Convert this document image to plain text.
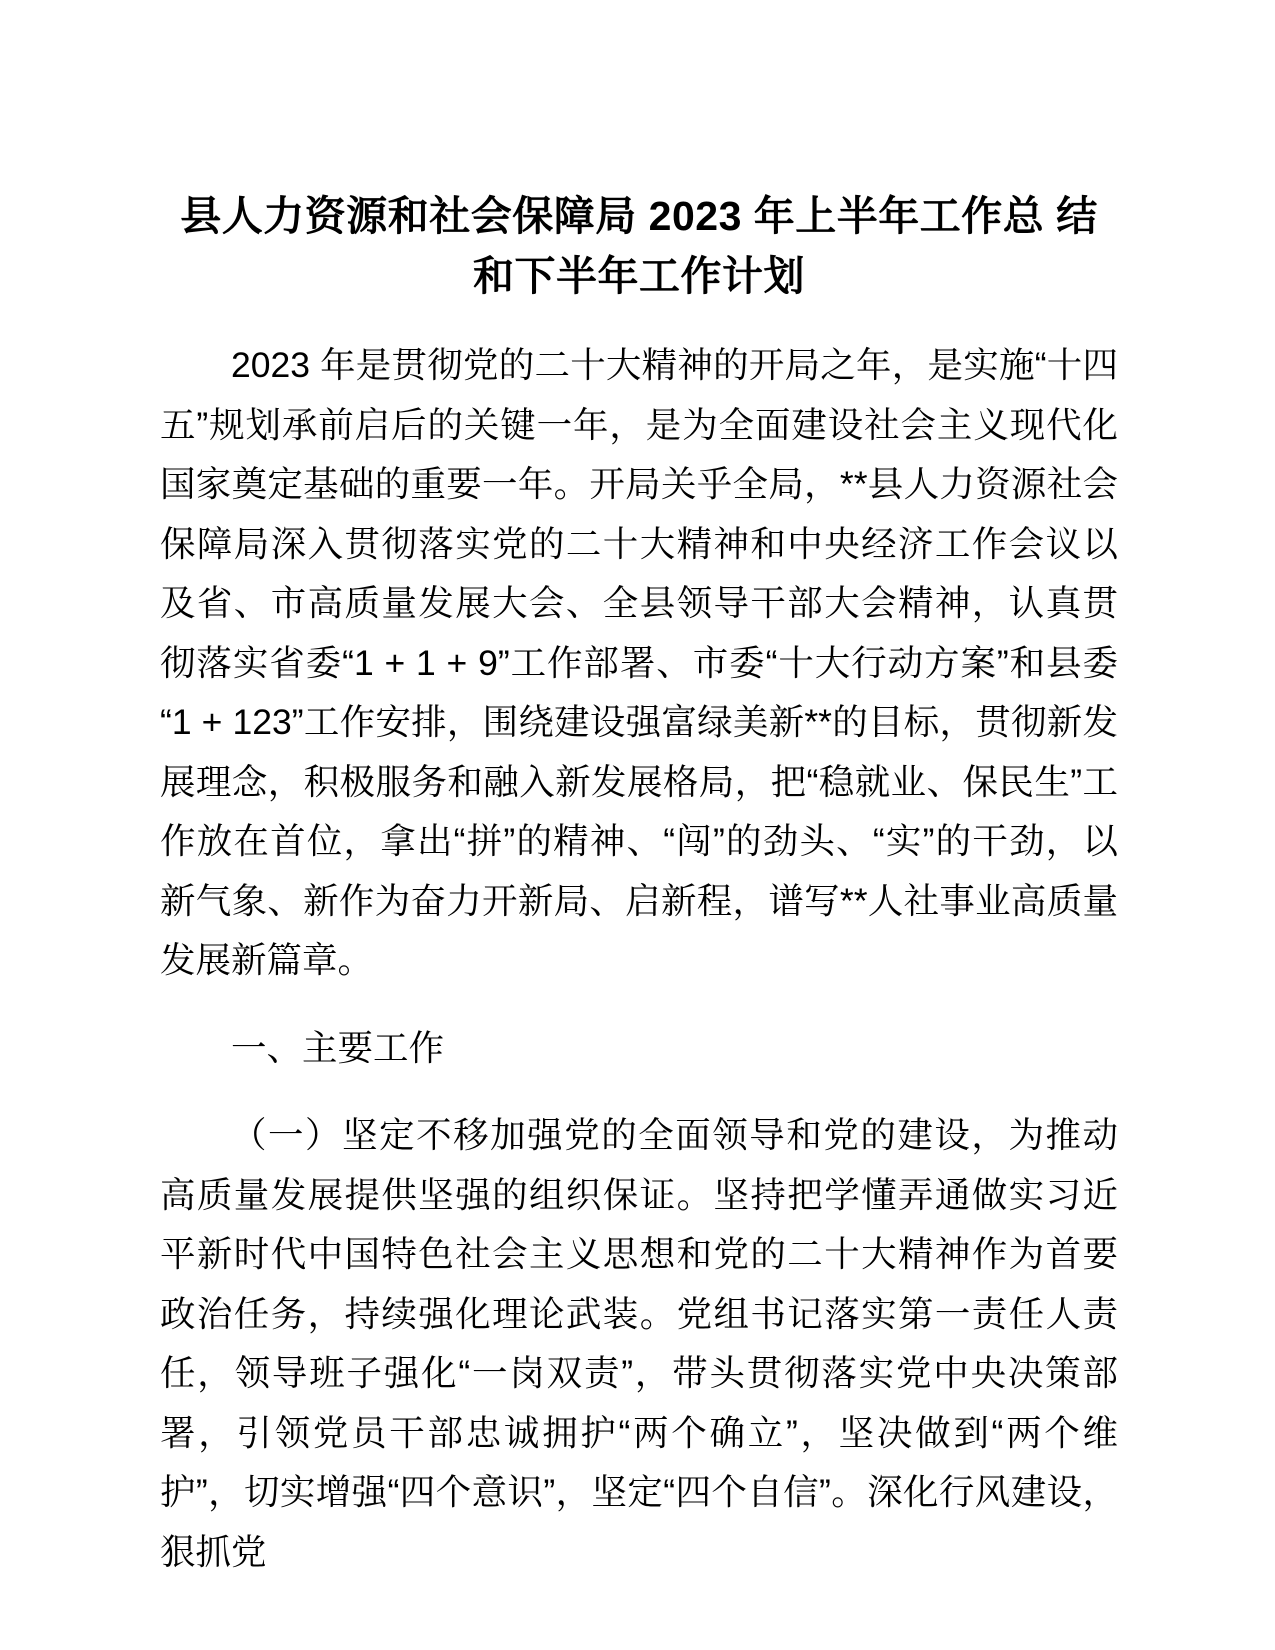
县人力资源和社会保障局 2023 年上半年工作总 结和下半年工作计划

2023 年是贯彻党的二十大精神的开局之年，是实施“十四五”规划承前启后的关键一年，是为全面建设社会主义现代化国家奠定基础的重要一年。开局关乎全局，**县人力资源社会保障局深入贯彻落实党的二十大精神和中央经济工作会议以及省、市高质量发展大会、全县领导干部大会精神，认真贯彻落实省委“1 + 1 + 9”工作部署、市委“十大行动方案”和县委“1 + 123”工作安排，围绕建设强富绿美新**的目标，贯彻新发展理念，积极服务和融入新发展格局，把“稳就业、保民生”工作放在首位，拿出“拼”的精神、“闯”的劲头、“实”的干劲，以新气象、新作为奋力开新局、启新程，谱写**人社事业高质量发展新篇章。

一、主要工作

（一）坚定不移加强党的全面领导和党的建设，为推动高质量发展提供坚强的组织保证。坚持把学懂弄通做实习近平新时代中国特色社会主义思想和党的二十大精神作为首要政治任务，持续强化理论武装。党组书记落实第一责任人责任，领导班子强化“一岗双责”，带头贯彻落实党中央决策部署，引领党员干部忠诚拥护“两个确立”，坚决做到“两个维护”，切实增强“四个意识”，坚定“四个自信”。深化行风建设，狠抓党
